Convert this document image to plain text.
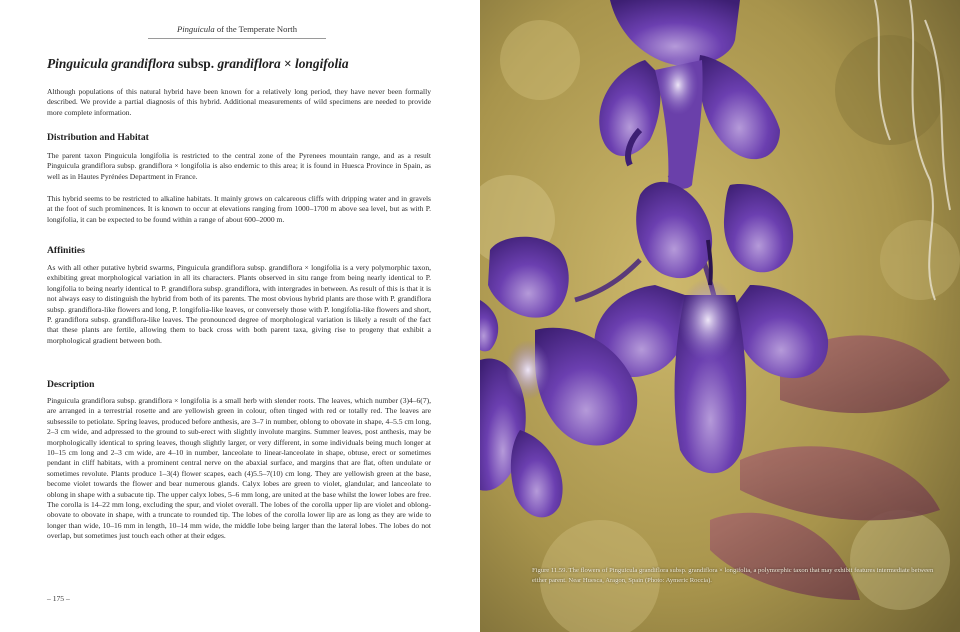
Pinguicula of the Temperate North
Pinguicula grandiflora subsp. grandiflora × longifolia
Although populations of this natural hybrid have been known for a relatively long period, they have never been formally described. We provide a partial diagnosis of this hybrid. Additional measurements of wild specimens are needed to provide more complete information.
Distribution and Habitat
The parent taxon Pinguicula longifolia is restricted to the central zone of the Pyrenees mountain range, and as a result Pinguicula grandiflora subsp. grandiflora × longifolia is also endemic to this area; it is found in Huesca Province in Spain, as well as in Hautes Pyrénées Department in France.
This hybrid seems to be restricted to alkaline habitats. It mainly grows on calcareous cliffs with dripping water and in gravels at the foot of such prominences. It is known to occur at elevations ranging from 1000–1700 m above sea level, but as with P. longifolia, it can be expected to be found within a range of about 600–2000 m.
Affinities
As with all other putative hybrid swarms, Pinguicula grandiflora subsp. grandiflora × longifolia is a very polymorphic taxon, exhibiting great morphological variation in all its characters. Plants observed in situ range from being nearly identical to P. longifolia to being nearly identical to P. grandiflora subsp. grandiflora, with intergrades in between. As result of this is that it is not always easy to distinguish the hybrid from both of its parents. The most obvious hybrid plants are those with P. grandiflora subsp. grandiflora-like flowers and long, P. longifolia-like leaves, or conversely those with P. longifolia-like flowers and short, P. grandiflora subsp. grandiflora-like leaves. The pronounced degree of morphological variation is likely a result of the fact that these plants are fertile, allowing them to back cross with both parent taxa, giving rise to progeny that exhibit a morphological gradient between both.
Description
Pinguicula grandiflora subsp. grandiflora × longifolia is a small herb with slender roots. The leaves, which number (3)4–6(7), are arranged in a terrestrial rosette and are yellowish green in colour, often tinged with red or totally red. The leaves are subsessile to petiolate. Spring leaves, produced before anthesis, are 3–7 in number, oblong to obovate in shape, 4–5.5 cm long, 2–3 cm wide, and adpressed to the ground to sub-erect with slightly involute margins. Summer leaves, post anthesis, may be morphologically identical to spring leaves, though slightly larger, or very different, in some individuals being much longer at 10–15 cm long and 2–3 cm wide, are 4–10 in number, lanceolate to linear-lanceolate in shape, obtuse, erect or sometimes pendant in cliff habitats, with a prominent central nerve on the abaxial surface, and margins that are flat, often undulate or sometimes revolute. Plants produce 1–3(4) flower scapes, each (4)5.5–7(10) cm long. They are yellowish green at the base, become violet towards the flower and bear numerous glands. Calyx lobes are green to violet, glandular, and lanceolate to oblong in shape with a subacute tip. The upper calyx lobes, 5–6 mm long, are united at the base whilst the lower lobes are free. The corolla is 14–22 mm long, excluding the spur, and violet overall. The lobes of the corolla upper lip are violet and oblong-obovate to obovate in shape, with a truncate to rounded tip. The lobes of the corolla lower lip are as long as they are wide to longer than wide, 10–16 mm in length, 10–14 mm wide, the middle lobe being larger than the lateral lobes. The lobes do not overlap, but sometimes just touch each other at their edges.
– 175 –
Figure 11.59. The flowers of Pinguicula grandiflora subsp. grandiflora × longifolia, a polymorphic taxon that may exhibit features intermediate between either parent. Near Huesca, Aragon, Spain (Photo: Aymeric Roccia).
